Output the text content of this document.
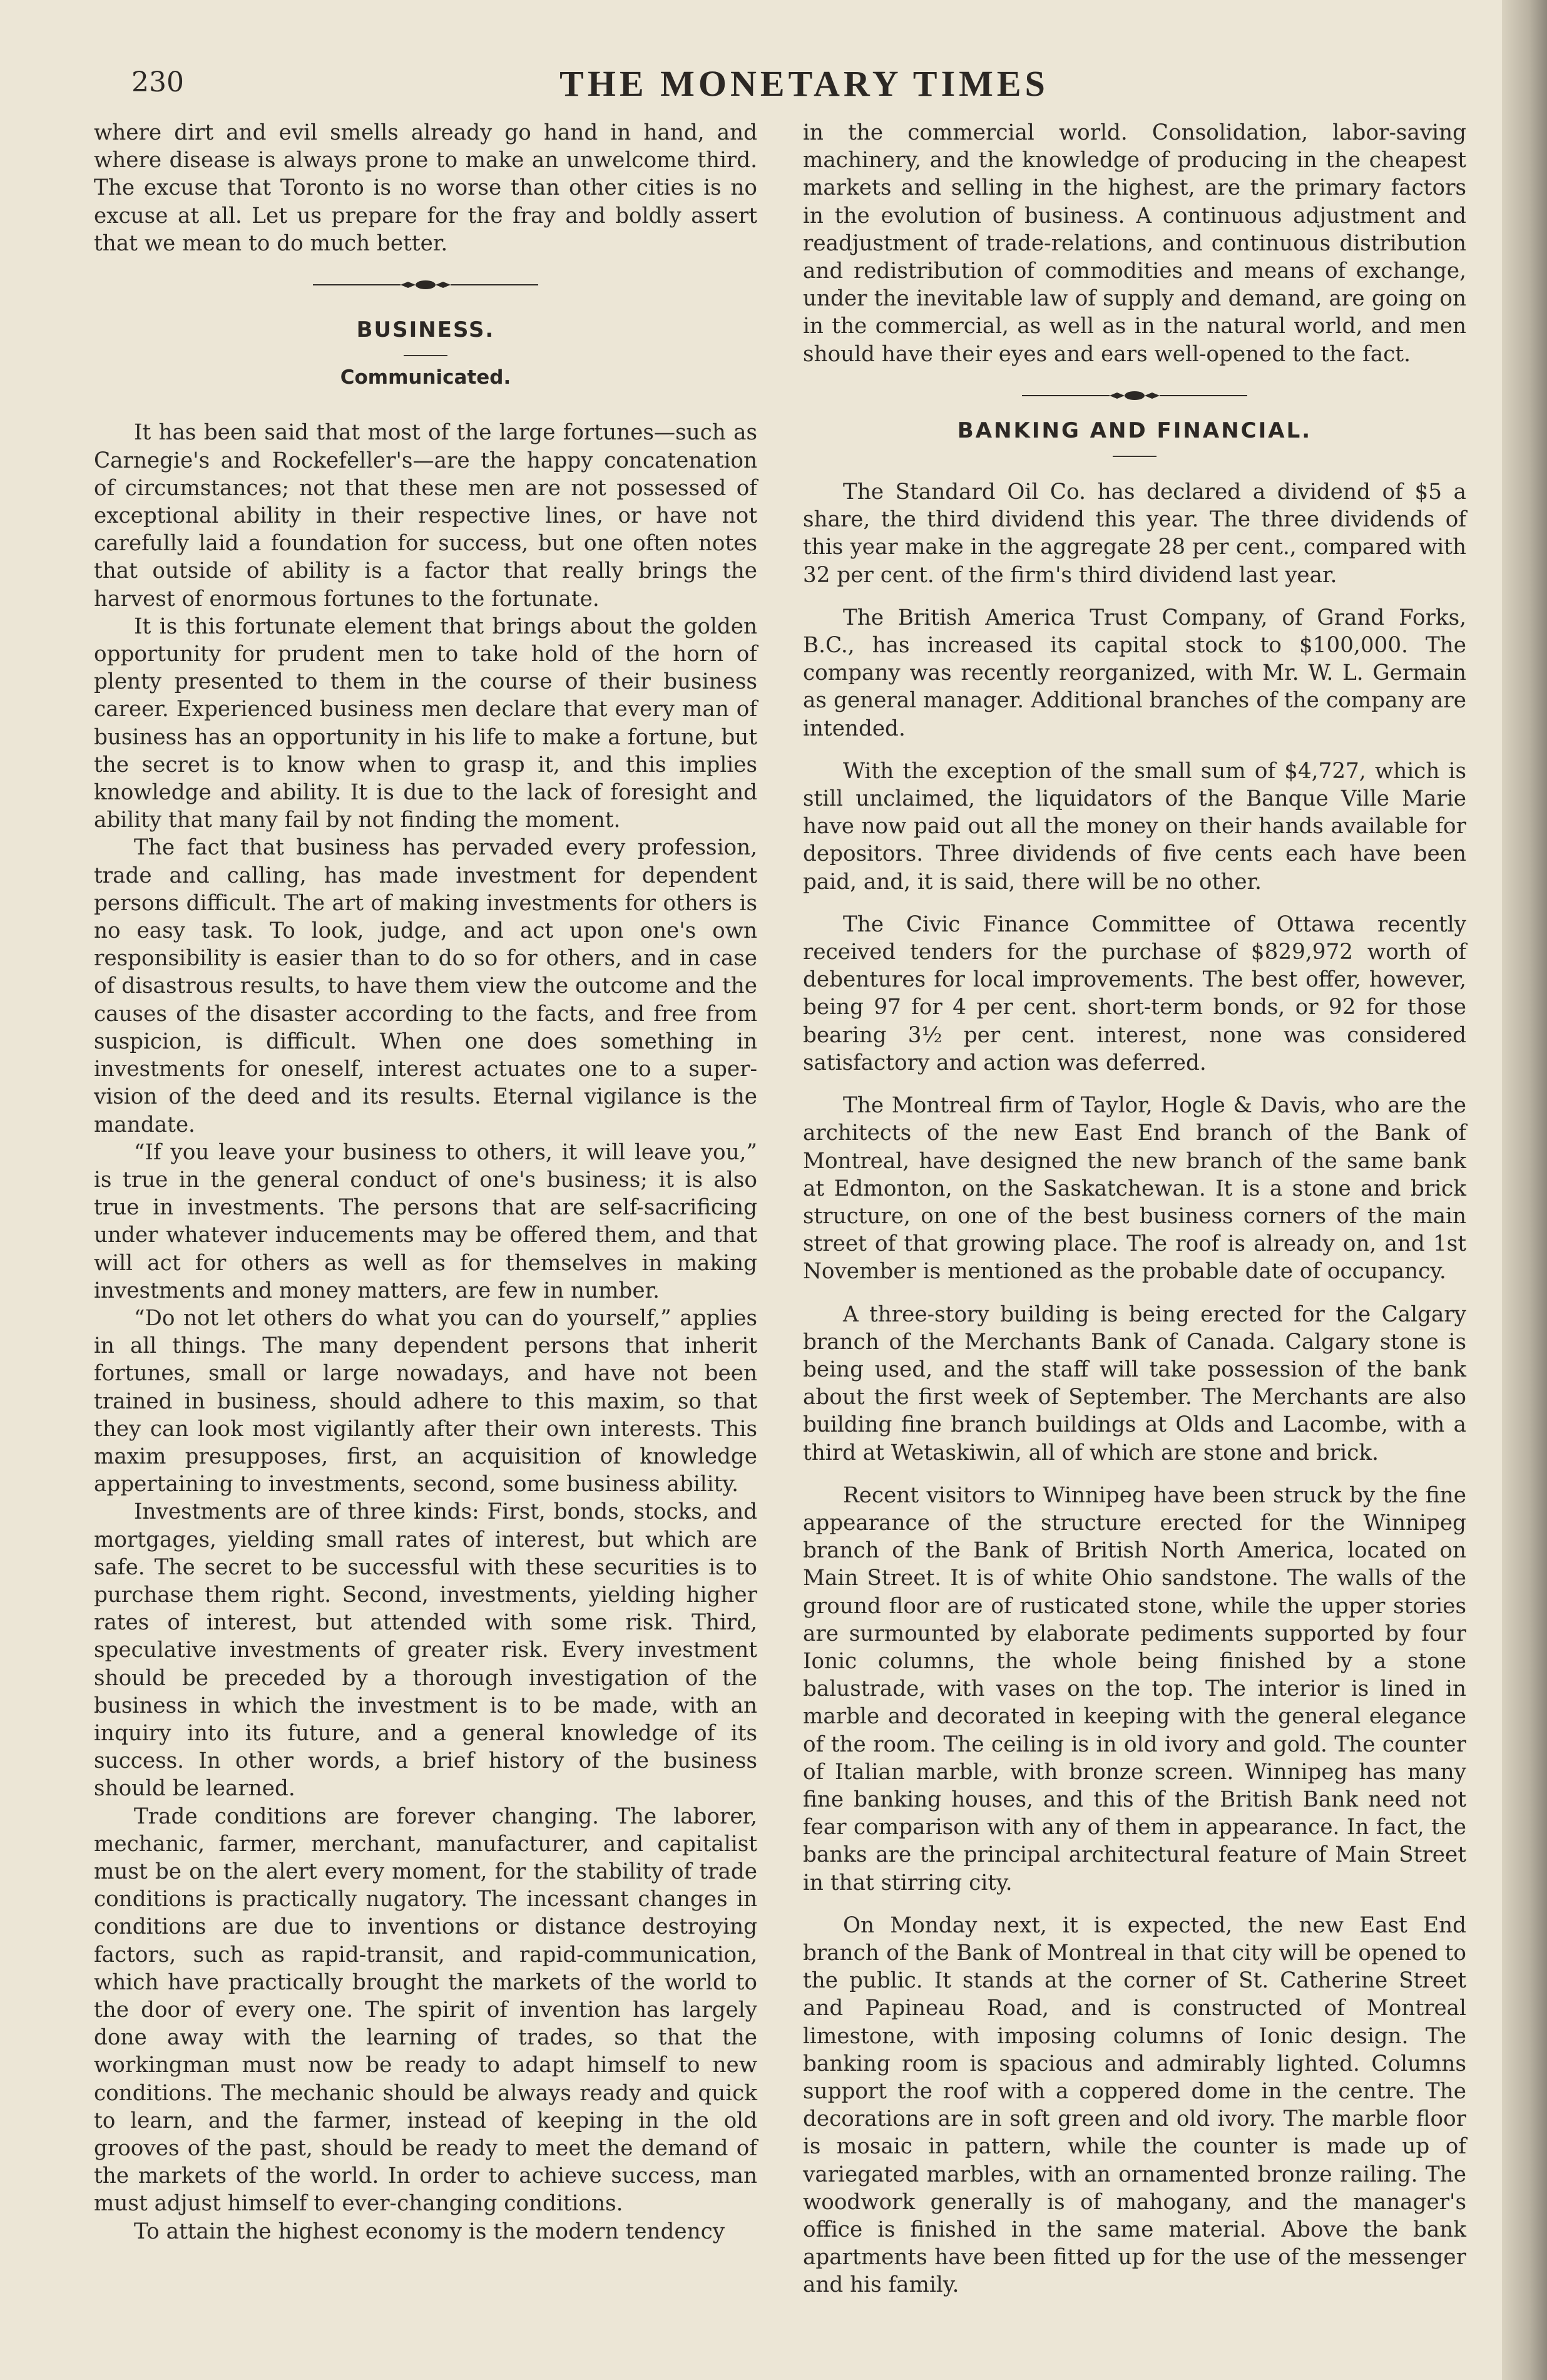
230	THE MONETARY TIMES

where dirt and evil smells already go hand in hand, and where disease is always prone to make an unwelcome third. The excuse that Toronto is no worse than other cities is no excuse at all. Let us prepare for the fray and boldly assert that we mean to do much better.

BUSINESS.
Communicated.

It has been said that most of the large fortunes—such as Carnegie's and Rockefeller's—are the happy concatenation of circumstances; not that these men are not possessed of exceptional ability in their respective lines, or have not carefully laid a foundation for success, but one often notes that outside of ability is a factor that really brings the harvest of enormous fortunes to the fortunate.

It is this fortunate element that brings about the golden opportunity for prudent men to take hold of the horn of plenty presented to them in the course of their business career. Experienced business men declare that every man of business has an opportunity in his life to make a fortune, but the secret is to know when to grasp it, and this implies knowledge and ability. It is due to the lack of foresight and ability that many fail by not finding the moment.

The fact that business has pervaded every profession, trade and calling, has made investment for dependent persons difficult. The art of making investments for others is no easy task. To look, judge, and act upon one's own responsibility is easier than to do so for others, and in case of disastrous results, to have them view the outcome and the causes of the disaster according to the facts, and free from suspicion, is difficult. When one does something in investments for oneself, interest actuates one to a super-vision of the deed and its results. Eternal vigilance is the mandate.

“If you leave your business to others, it will leave you,” is true in the general conduct of one's business; it is also true in investments. The persons that are self-sacrificing under whatever inducements may be offered them, and that will act for others as well as for themselves in making investments and money matters, are few in number.

“Do not let others do what you can do yourself,” applies in all things. The many dependent persons that inherit fortunes, small or large nowadays, and have not been trained in business, should adhere to this maxim, so that they can look most vigilantly after their own interests. This maxim presupposes, first, an acquisition of knowledge appertaining to investments, second, some business ability.

Investments are of three kinds: First, bonds, stocks, and mortgages, yielding small rates of interest, but which are safe. The secret to be successful with these securities is to purchase them right. Second, investments, yielding higher rates of interest, but attended with some risk. Third, speculative investments of greater risk. Every investment should be preceded by a thorough investigation of the business in which the investment is to be made, with an inquiry into its future, and a general knowledge of its success. In other words, a brief history of the business should be learned.

Trade conditions are forever changing. The laborer, mechanic, farmer, merchant, manufacturer, and capitalist must be on the alert every moment, for the stability of trade conditions is practically nugatory. The incessant changes in conditions are due to inventions or distance destroying factors, such as rapid-transit, and rapid-communication, which have practically brought the markets of the world to the door of every one. The spirit of invention has largely done away with the learning of trades, so that the workingman must now be ready to adapt himself to new conditions. The mechanic should be always ready and quick to learn, and the farmer, instead of keeping in the old grooves of the past, should be ready to meet the demand of the markets of the world. In order to achieve success, man must adjust himself to ever-changing conditions.

To attain the highest economy is the modern tendency

in the commercial world. Consolidation, labor-saving machinery, and the knowledge of producing in the cheapest markets and selling in the highest, are the primary factors in the evolution of business. A continuous adjustment and readjustment of trade-relations, and continuous distribution and redistribution of commodities and means of exchange, under the inevitable law of supply and demand, are going on in the commercial, as well as in the natural world, and men should have their eyes and ears well-opened to the fact.

BANKING AND FINANCIAL.

The Standard Oil Co. has declared a dividend of $5 a share, the third dividend this year. The three dividends of this year make in the aggregate 28 per cent., compared with 32 per cent. of the firm's third dividend last year.

The British America Trust Company, of Grand Forks, B.C., has increased its capital stock to $100,000. The company was recently reorganized, with Mr. W. L. Germain as general manager. Additional branches of the company are intended.

With the exception of the small sum of $4,727, which is still unclaimed, the liquidators of the Banque Ville Marie have now paid out all the money on their hands available for depositors. Three dividends of five cents each have been paid, and, it is said, there will be no other.

The Civic Finance Committee of Ottawa recently received tenders for the purchase of $829,972 worth of debentures for local improvements. The best offer, however, being 97 for 4 per cent. short-term bonds, or 92 for those bearing 3½ per cent. interest, none was considered satisfactory and action was deferred.

The Montreal firm of Taylor, Hogle & Davis, who are the architects of the new East End branch of the Bank of Montreal, have designed the new branch of the same bank at Edmonton, on the Saskatchewan. It is a stone and brick structure, on one of the best business corners of the main street of that growing place. The roof is already on, and 1st November is mentioned as the probable date of occupancy.

A three-story building is being erected for the Calgary branch of the Merchants Bank of Canada. Calgary stone is being used, and the staff will take possession of the bank about the first week of September. The Merchants are also building fine branch buildings at Olds and Lacombe, with a third at Wetaskiwin, all of which are stone and brick.

Recent visitors to Winnipeg have been struck by the fine appearance of the structure erected for the Winnipeg branch of the Bank of British North America, located on Main Street. It is of white Ohio sandstone. The walls of the ground floor are of rusticated stone, while the upper stories are surmounted by elaborate pediments supported by four Ionic columns, the whole being finished by a stone balustrade, with vases on the top. The interior is lined in marble and decorated in keeping with the general elegance of the room. The ceiling is in old ivory and gold. The counter of Italian marble, with bronze screen. Winnipeg has many fine banking houses, and this of the British Bank need not fear comparison with any of them in appearance. In fact, the banks are the principal architectural feature of Main Street in that stirring city.

On Monday next, it is expected, the new East End branch of the Bank of Montreal in that city will be opened to the public. It stands at the corner of St. Catherine Street and Papineau Road, and is constructed of Montreal limestone, with imposing columns of Ionic design. The banking room is spacious and admirably lighted. Columns support the roof with a coppered dome in the centre. The decorations are in soft green and old ivory. The marble floor is mosaic in pattern, while the counter is made up of variegated marbles, with an ornamented bronze railing. The woodwork generally is of mahogany, and the manager's office is finished in the same material. Above the bank apartments have been fitted up for the use of the messenger and his family.
